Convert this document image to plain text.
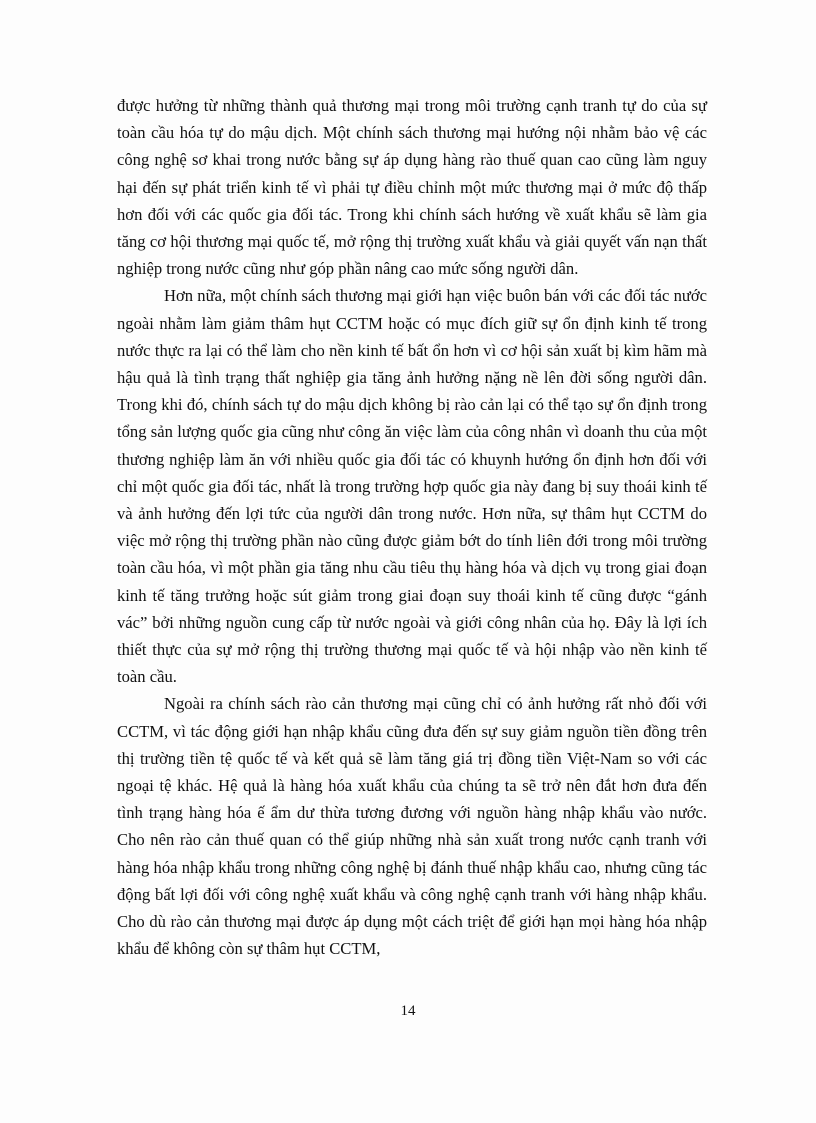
được hưởng từ những thành quả thương mại trong môi trường cạnh tranh tự do của sự toàn cầu hóa tự do mậu dịch. Một chính sách thương mại hướng nội nhằm bảo vệ các công nghệ sơ khai trong nước bằng sự áp dụng hàng rào thuế quan cao cũng làm nguy hại đến sự phát triển kinh tế vì phải tự điều chỉnh một mức thương mại ở mức độ thấp hơn đối với các quốc gia đối tác. Trong khi chính sách hướng về xuất khẩu sẽ làm gia tăng cơ hội thương mại quốc tế, mở rộng thị trường xuất khẩu và giải quyết vấn nạn thất nghiệp trong nước cũng như góp phần nâng cao mức sống người dân.

Hơn nữa, một chính sách thương mại giới hạn việc buôn bán với các đối tác nước ngoài nhằm làm giảm thâm hụt CCTM hoặc có mục đích giữ sự ổn định kinh tế trong nước thực ra lại có thể làm cho nền kinh tế bất ổn hơn vì cơ hội sản xuất bị kìm hãm mà hậu quả là tình trạng thất nghiệp gia tăng ảnh hưởng nặng nề lên đời sống người dân. Trong khi đó, chính sách tự do mậu dịch không bị rào cản lại có thể tạo sự ổn định trong tổng sản lượng quốc gia cũng như công ăn việc làm của công nhân vì doanh thu của một thương nghiệp làm ăn với nhiều quốc gia đối tác có khuynh hướng ổn định hơn đối với chỉ một quốc gia đối tác, nhất là trong trường hợp quốc gia này đang bị suy thoái kinh tế và ảnh hưởng đến lợi tức của người dân trong nước. Hơn nữa, sự thâm hụt CCTM do việc mở rộng thị trường phần nào cũng được giảm bớt do tính liên đới trong môi trường toàn cầu hóa, vì một phần gia tăng nhu cầu tiêu thụ hàng hóa và dịch vụ trong giai đoạn kinh tế tăng trưởng hoặc sút giảm trong giai đoạn suy thoái kinh tế cũng được “gánh vác” bởi những nguồn cung cấp từ nước ngoài và giới công nhân của họ. Đây là lợi ích thiết thực của sự mở rộng thị trường thương mại quốc tế và hội nhập vào nền kinh tế toàn cầu.

Ngoài ra chính sách rào cản thương mại cũng chỉ có ảnh hưởng rất nhỏ đối với CCTM, vì tác động giới hạn nhập khẩu cũng đưa đến sự suy giảm nguồn tiền đồng trên thị trường tiền tệ quốc tế và kết quả sẽ làm tăng giá trị đồng tiền Việt-Nam so với các ngoại tệ khác. Hệ quả là hàng hóa xuất khẩu của chúng ta sẽ trở nên đắt hơn đưa đến tình trạng hàng hóa ế ẩm dư thừa tương đương với nguồn hàng nhập khẩu vào nước. Cho nên rào cản thuế quan có thể giúp những nhà sản xuất trong nước cạnh tranh với hàng hóa nhập khẩu trong những công nghệ bị đánh thuế nhập khẩu cao, nhưng cũng tác động bất lợi đối với công nghệ xuất khẩu và công nghệ cạnh tranh với hàng nhập khẩu. Cho dù rào cản thương mại được áp dụng một cách triệt để giới hạn mọi hàng hóa nhập khẩu để không còn sự thâm hụt CCTM,

14
